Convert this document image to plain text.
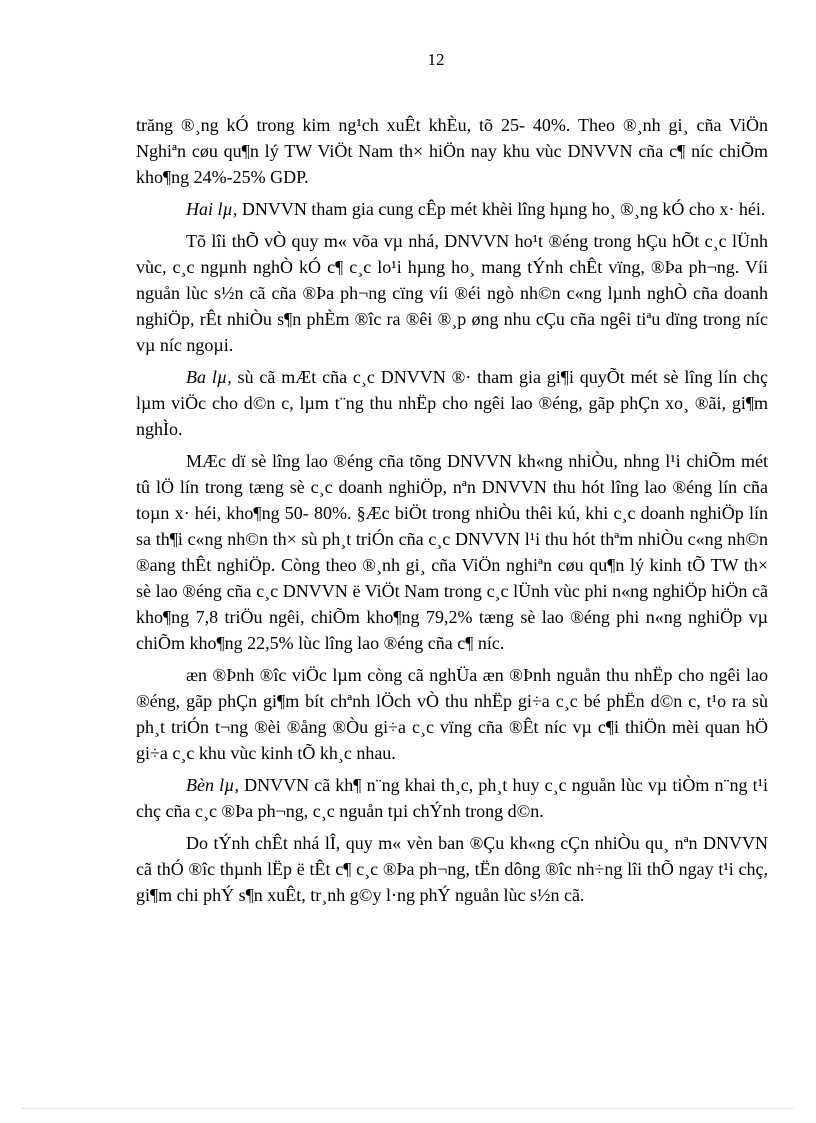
12

trăng ®¸ng kÓ trong kim ng¹ch xuÊt khÈu, tõ 25- 40%. Theo ®¸nh gi¸ cña ViÖn Nghiªn cøu qu¶n lý TW ViÖt Nam th× hiÖn nay khu vùc DNVVN cña c¶ níc chiÕm kho¶ng 24%-25% GDP.

Hai lµ, DNVVN tham gia cung cÊp mét khèi lîng hµng ho¸ ®¸ng kÓ cho x· héi.

Tõ lîi thÕ vÒ quy m« võa vµ nhá, DNVVN ho¹t ®éng trong hÇu hÕt c¸c lÜnh vùc, c¸c ngµnh nghÒ kÓ c¶ c¸c lo¹i hµng ho¸ mang tÝnh chÊt vïng, ®Þa ph¬ng. Víi nguån lùc s½n cã cña ®Þa ph¬ng cïng víi ®éi ngò nh©n c«ng lµnh nghÒ cña doanh nghiÖp, rÊt nhiÒu s¶n phÈm ®îc ra ®êi ®¸p øng nhu cÇu cña ngêi tiªu dïng trong níc vµ níc ngoµi.

Ba lµ, sù cã mÆt cña c¸c DNVVN ®· tham gia gi¶i quyÕt mét sè lîng lín chç lµm viÖc cho d©n c, lµm t¨ng thu nhËp cho ngêi lao ®éng, gãp phÇn xo¸ ®ãi, gi¶m nghÌo.

MÆc dï sè lîng lao ®éng cña tõng DNVVN kh«ng nhiÒu, nhng l¹i chiÕm mét tû lÖ lín trong tæng sè c¸c doanh nghiÖp, nªn DNVVN thu hót lîng lao ®éng lín cña toµn x· héi, kho¶ng 50- 80%. §Æc biÖt trong nhiÒu thêi kú, khi c¸c doanh nghiÖp lín sa th¶i c«ng nh©n th× sù ph¸t triÓn cña c¸c DNVVN l¹i thu hót thªm nhiÒu c«ng nh©n ®ang thÊt nghiÖp. Còng theo ®¸nh gi¸ cña ViÖn nghiªn cøu qu¶n lý kinh tÕ TW th× sè lao ®éng cña c¸c DNVVN ë ViÖt Nam trong c¸c lÜnh vùc phi n«ng nghiÖp hiÖn cã kho¶ng 7,8 triÖu ngêi, chiÕm kho¶ng 79,2% tæng sè lao ®éng phi n«ng nghiÖp vµ chiÕm kho¶ng 22,5% lùc lîng lao ®éng cña c¶ níc.

æn ®Þnh ®îc viÖc lµm còng cã nghÜa æn ®Þnh nguån thu nhËp cho ngêi lao ®éng, gãp phÇn gi¶m bít chªnh lÖch vÒ thu nhËp gi÷a c¸c bé phËn d©n c, t¹o ra sù ph¸t triÓn t¬ng ®èi ®ång ®Òu gi÷a c¸c vïng cña ®Êt níc vµ c¶i thiÖn mèi quan hÖ gi÷a c¸c khu vùc kinh tÕ kh¸c nhau.

Bèn lµ, DNVVN cã kh¶ n¨ng khai th¸c, ph¸t huy c¸c nguån lùc vµ tiÒm n¨ng t¹i chç cña c¸c ®Þa ph¬ng, c¸c nguån tµi chÝnh trong d©n.

Do tÝnh chÊt nhá lÎ, quy m« vèn ban ®Çu kh«ng cÇn nhiÒu qu¸ nªn DNVVN cã thÓ ®îc thµnh lËp ë tÊt c¶ c¸c ®Þa ph¬ng, tËn dông ®îc nh÷ng lîi thÕ ngay t¹i chç, gi¶m chi phÝ s¶n xuÊt, tr¸nh g©y l·ng phÝ nguån lùc s½n cã.
